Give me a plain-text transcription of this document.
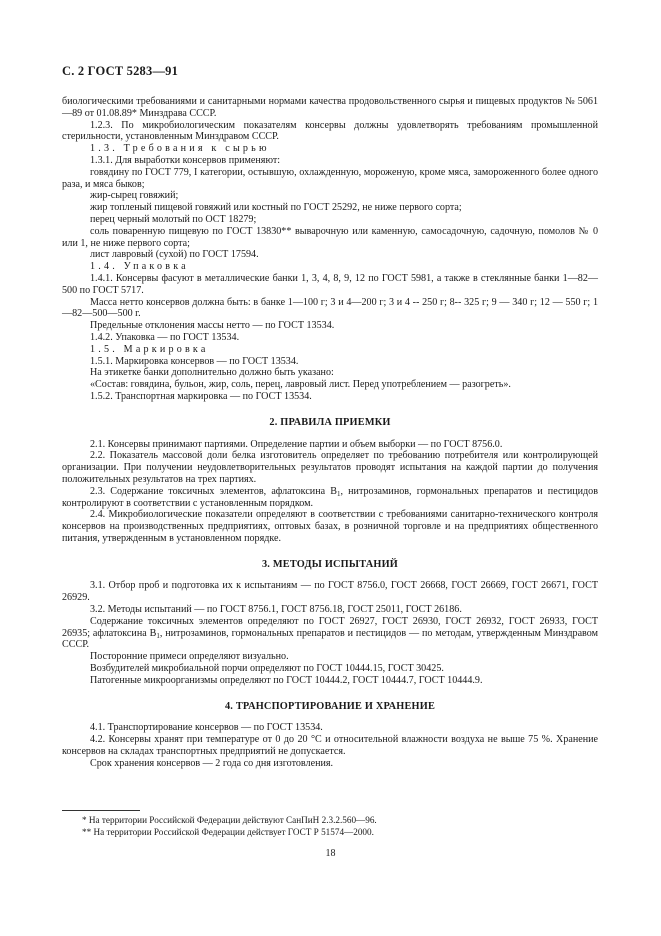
С. 2 ГОСТ 5283—91

биологическими требованиями и санитарными нормами качества продовольственного сырья и пищевых продуктов № 5061—89 от 01.08.89* Минздрава СССР.

1.2.3. По микробиологическим показателям консервы должны удовлетворять требованиям промышленной стерильности, установленным Минздравом СССР.

1.3. Требования к сырью

1.3.1. Для выработки консервов применяют:

говядину по ГОСТ 779, I категории, остывшую, охлажденную, мороженую, кроме мяса, замороженного более одного раза, и мяса быков;

жир-сырец говяжий;

жир топленый пищевой говяжий или костный по ГОСТ 25292, не ниже первого сорта;

перец черный молотый по ОСТ 18279;

соль поваренную пищевую по ГОСТ 13830** выварочную или каменную, самосадочную, садочную, помолов № 0 или 1, не ниже первого сорта;

лист лавровый (сухой) по ГОСТ 17594.

1.4. Упаковка

1.4.1. Консервы фасуют в металлические банки 1, 3, 4, 8, 9, 12 по ГОСТ 5981, а также в стеклянные банки 1—82—500 по ГОСТ 5717.

Масса нетто консервов должна быть: в банке 1—100 г; 3 и 4—200 г; 3 и 4 -- 250 г; 8-- 325 г; 9 — 340 г; 12 — 550 г; 1—82—500—500 г.

Предельные отклонения массы нетто — по ГОСТ 13534.

1.4.2. Упаковка — по ГОСТ 13534.

1.5. Маркировка

1.5.1. Маркировка консервов — по ГОСТ 13534.

На этикетке банки дополнительно должно быть указано:

«Состав: говядина, бульон, жир, соль, перец, лавровый лист. Перед употреблением — разогреть».

1.5.2. Транспортная маркировка — по ГОСТ 13534.

2. ПРАВИЛА ПРИЕМКИ

2.1. Консервы принимают партиями. Определение партии и объем выборки — по ГОСТ 8756.0.

2.2. Показатель массовой доли белка изготовитель определяет по требованию потребителя или контролирующей организации. При получении неудовлетворительных результатов проводят испытания на каждой партии до получения положительных результатов на трех партиях.

2.3. Содержание токсичных элементов, афлатоксина $В_1$, нитрозаминов, гормональных препаратов и пестицидов контролируют в соответствии с установленным порядком.

2.4. Микробиологические показатели определяют в соответствии с требованиями санитарно-технического контроля консервов на производственных предприятиях, оптовых базах, в розничной торговле и на предприятиях общественного питания, утвержденным в установленном порядке.

3. МЕТОДЫ ИСПЫТАНИЙ

3.1. Отбор проб и подготовка их к испытаниям — по ГОСТ 8756.0, ГОСТ 26668, ГОСТ 26669, ГОСТ 26671, ГОСТ 26929.

3.2. Методы испытаний — по ГОСТ 8756.1, ГОСТ 8756.18, ГОСТ 25011, ГОСТ 26186.

Содержание токсичных элементов определяют по ГОСТ 26927, ГОСТ 26930, ГОСТ 26932, ГОСТ 26933, ГОСТ 26935; афлатоксина $В_1$, нитрозаминов, гормональных препаратов и пестицидов — по методам, утвержденным Минздравом СССР.

Посторонние примеси определяют визуально.

Возбудителей микробиальной порчи определяют по ГОСТ 10444.15, ГОСТ 30425.

Патогенные микроорганизмы определяют по ГОСТ 10444.2, ГОСТ 10444.7, ГОСТ 10444.9.

4. ТРАНСПОРТИРОВАНИЕ И ХРАНЕНИЕ

4.1. Транспортирование консервов — по ГОСТ 13534.

4.2. Консервы хранят при температуре от 0 до 20 °С и относительной влажности воздуха не выше 75 %. Хранение консервов на складах транспортных предприятий не допускается.

Срок хранения консервов — 2 года со дня изготовления.

* На территории Российской Федерации действуют СанПиН 2.3.2.560—96.

** На территории Российской Федерации действует ГОСТ Р 51574—2000.

18
